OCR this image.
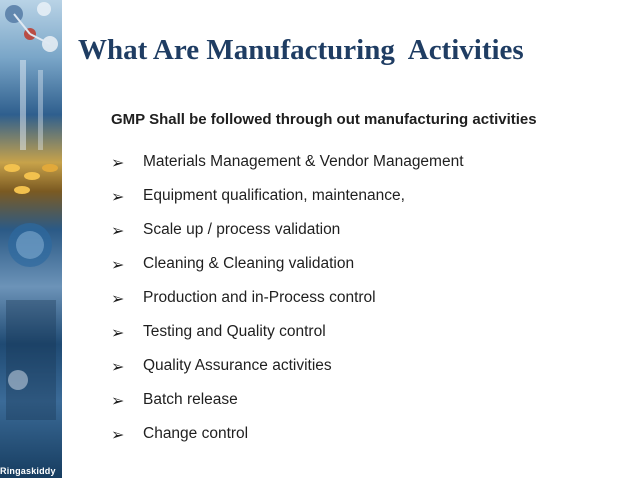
Ringaskiddy
What Are Manufacturing  Activities
GMP Shall be followed through out manufacturing activities
➢	Materials Management & Vendor Management
➢	Equipment qualification, maintenance,
➢	Scale up / process validation
➢	Cleaning & Cleaning validation
➢	Production and in-Process control
➢	Testing and Quality control
➢	Quality Assurance activities
➢	Batch release
➢	Change control
